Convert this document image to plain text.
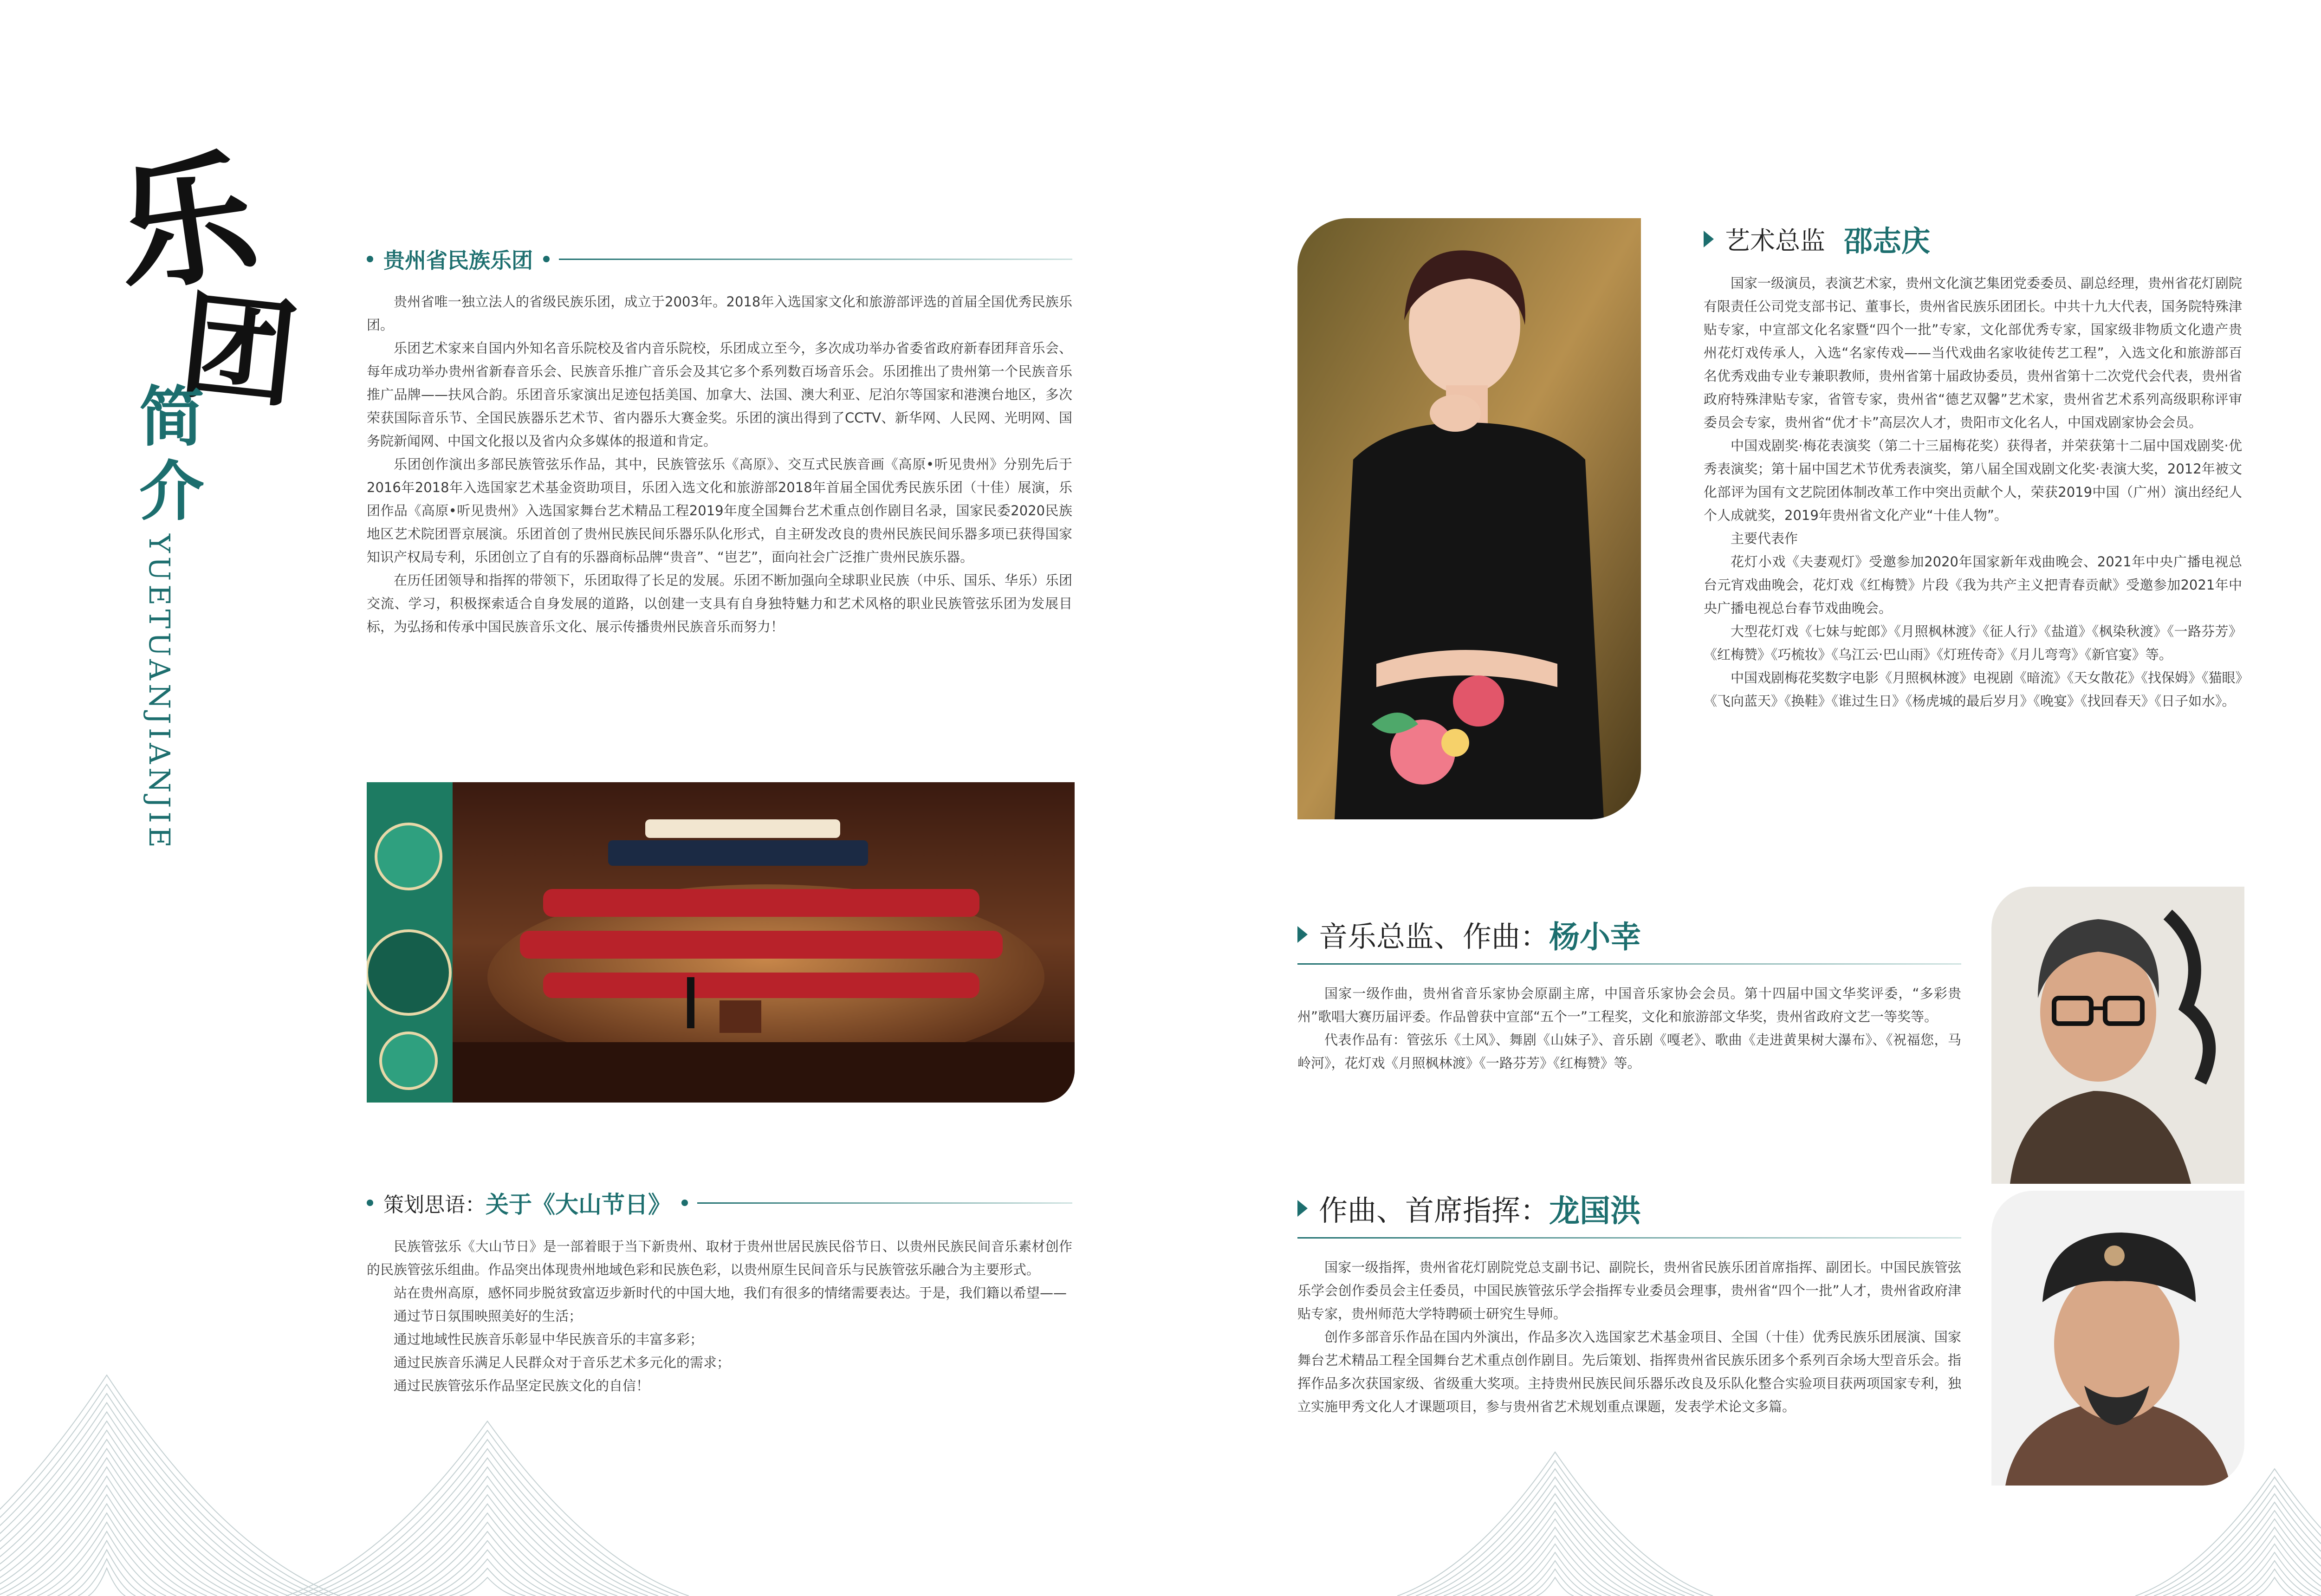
乐
团
简
介
YUETUANJIANJIE
贵州省民族乐团

贵州省唯一独立法人的省级民族乐团，成立于2003年。2018年入选国家文化和旅游部评选的首届全国优秀民族乐团。

乐团艺术家来自国内外知名音乐院校及省内音乐院校，乐团成立至今，多次成功举办省委省政府新春团拜音乐会、每年成功举办贵州省新春音乐会、民族音乐推广音乐会及其它多个系列数百场音乐会。乐团推出了贵州第一个民族音乐推广品牌——扶风合韵。乐团音乐家演出足迹包括美国、加拿大、法国、澳大利亚、尼泊尔等国家和港澳台地区，多次荣获国际音乐节、全国民族器乐艺术节、省内器乐大赛金奖。乐团的演出得到了CCTV、新华网、人民网、光明网、国务院新闻网、中国文化报以及省内众多媒体的报道和肯定。

乐团创作演出多部民族管弦乐作品，其中，民族管弦乐《高原》、交互式民族音画《高原•听见贵州》分别先后于2016年2018年入选国家艺术基金资助项目，乐团入选文化和旅游部2018年首届全国优秀民族乐团（十佳）展演，乐团作品《高原•听见贵州》入选国家舞台艺术精品工程2019年度全国舞台艺术重点创作剧目名录，国家民委2020民族地区艺术院团晋京展演。乐团首创了贵州民族民间乐器乐队化形式，自主研发改良的贵州民族民间乐器多项已获得国家知识产权局专利，乐团创立了自有的乐器商标品牌“贵音”、“岜艺”，面向社会广泛推广贵州民族乐器。

在历任团领导和指挥的带领下，乐团取得了长足的发展。乐团不断加强向全球职业民族（中乐、国乐、华乐）乐团交流、学习，积极探索适合自身发展的道路，以创建一支具有自身独特魅力和艺术风格的职业民族管弦乐团为发展目标，为弘扬和传承中国民族音乐文化、展示传播贵州民族音乐而努力！

策划思语： 关于《大山节日》

民族管弦乐《大山节日》是一部着眼于当下新贵州、取材于贵州世居民族民俗节日、以贵州民族民间音乐素材创作的民族管弦乐组曲。作品突出体现贵州地域色彩和民族色彩，以贵州原生民间音乐与民族管弦乐融合为主要形式。

站在贵州高原，感怀同步脱贫致富迈步新时代的中国大地，我们有很多的情绪需要表达。于是，我们籍以希望——

通过节日氛围映照美好的生活；

通过地域性民族音乐彰显中华民族音乐的丰富多彩；

通过民族音乐满足人民群众对于音乐艺术多元化的需求；

通过民族管弦乐作品坚定民族文化的自信！

艺术总监 邵志庆

国家一级演员，表演艺术家，贵州文化演艺集团党委委员、副总经理，贵州省花灯剧院有限责任公司党支部书记、董事长，贵州省民族乐团团长。中共十九大代表，国务院特殊津贴专家，中宣部文化名家暨“四个一批”专家，文化部优秀专家，国家级非物质文化遗产贵州花灯戏传承人，入选“名家传戏——当代戏曲名家收徒传艺工程”，入选文化和旅游部百名优秀戏曲专业专兼职教师，贵州省第十届政协委员，贵州省第十二次党代会代表，贵州省政府特殊津贴专家，省管专家，贵州省“德艺双馨”艺术家，贵州省艺术系列高级职称评审委员会专家，贵州省“优才卡”高层次人才，贵阳市文化名人，中国戏剧家协会会员。

中国戏剧奖·梅花表演奖（第二十三届梅花奖）获得者，并荣获第十二届中国戏剧奖·优秀表演奖；第十届中国艺术节优秀表演奖，第八届全国戏剧文化奖·表演大奖，2012年被文化部评为国有文艺院团体制改革工作中突出贡献个人，荣获2019中国（广州）演出经纪人个人成就奖，2019年贵州省文化产业“十佳人物”。

主要代表作

花灯小戏《夫妻观灯》受邀参加2020年国家新年戏曲晚会、2021年中央广播电视总台元宵戏曲晚会，花灯戏《红梅赞》片段《我为共产主义把青春贡献》受邀参加2021年中央广播电视总台春节戏曲晚会。

大型花灯戏《七妹与蛇郎》《月照枫林渡》《征人行》《盐道》《枫染秋渡》《一路芬芳》《红梅赞》《巧梳妆》《乌江云·巴山雨》《灯班传奇》《月儿弯弯》《新官宴》等。

中国戏剧梅花奖数字电影《月照枫林渡》电视剧《暗流》《天女散花》《找保姆》《猫眼》《飞向蓝天》《换鞋》《谁过生日》《杨虎城的最后岁月》《晚宴》《找回春天》《日子如水》。

音乐总监、作曲： 杨小幸

国家一级作曲，贵州省音乐家协会原副主席，中国音乐家协会会员。第十四届中国文华奖评委，“多彩贵州”歌唱大赛历届评委。作品曾获中宣部“五个一”工程奖，文化和旅游部文华奖，贵州省政府文艺一等奖等。

代表作品有：管弦乐《土风》、舞剧《山妹子》、音乐剧《嘎老》、歌曲《走进黄果树大瀑布》、《祝福您，马岭河》，花灯戏《月照枫林渡》《一路芬芳》《红梅赞》等。

作曲、首席指挥： 龙国洪

国家一级指挥，贵州省花灯剧院党总支副书记、副院长，贵州省民族乐团首席指挥、副团长。中国民族管弦乐学会创作委员会主任委员，中国民族管弦乐学会指挥专业委员会理事，贵州省“四个一批”人才，贵州省政府津贴专家，贵州师范大学特聘硕士研究生导师。

创作多部音乐作品在国内外演出，作品多次入选国家艺术基金项目、全国（十佳）优秀民族乐团展演、国家舞台艺术精品工程全国舞台艺术重点创作剧目。先后策划、指挥贵州省民族乐团多个系列百余场大型音乐会。指挥作品多次获国家级、省级重大奖项。主持贵州民族民间乐器乐改良及乐队化整合实验项目获两项国家专利，独立实施甲秀文化人才课题项目，参与贵州省艺术规划重点课题，发表学术论文多篇。
